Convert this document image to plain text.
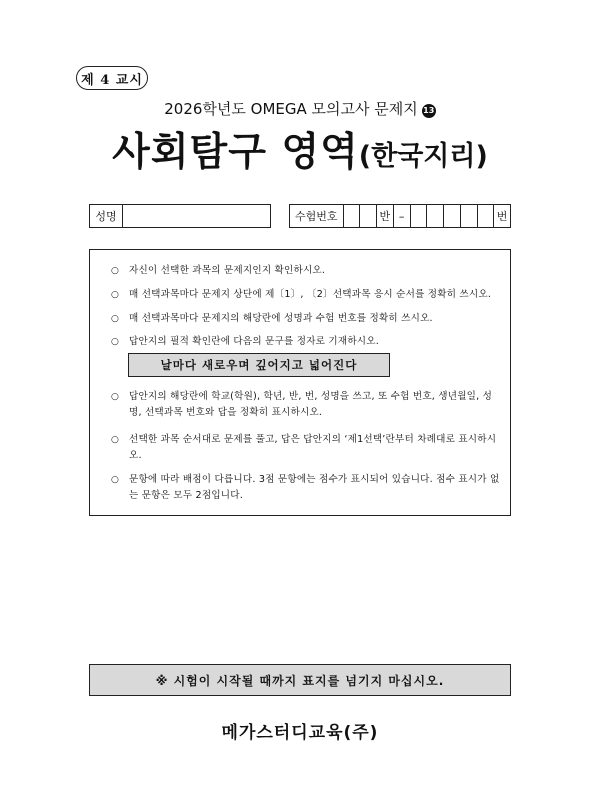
제 4 교시
2026학년도 OMEGA 모의고사 문제지 13
사회탐구 영역(한국지리)
성명	수험번호	반 –	번
○ 자신이 선택한 과목의 문제지인지 확인하시오.
○ 매 선택과목마다 문제지 상단에 제〔1〕, 〔2〕선택과목 응시 순서를 정확히 쓰시오.
○ 매 선택과목마다 문제지의 해당란에 성명과 수험 번호를 정확히 쓰시오.
○ 답안지의 필적 확인란에 다음의 문구를 정자로 기재하시오.
날마다 새로우며 깊어지고 넓어진다
○ 답안지의 해당란에 학교(학원), 학년, 반, 번, 성명을 쓰고, 또 수험 번호, 생년월일, 성명, 선택과목 번호와 답을 정확히 표시하시오.
○ 선택한 과목 순서대로 문제를 풀고, 답은 답안지의 ‘제1선택’란부터 차례대로 표시하시오.
○ 문항에 따라 배점이 다릅니다. 3점 문항에는 점수가 표시되어 있습니다. 점수 표시가 없는 문항은 모두 2점입니다.
※ 시험이 시작될 때까지 표지를 넘기지 마십시오.
메가스터디교육(주)
